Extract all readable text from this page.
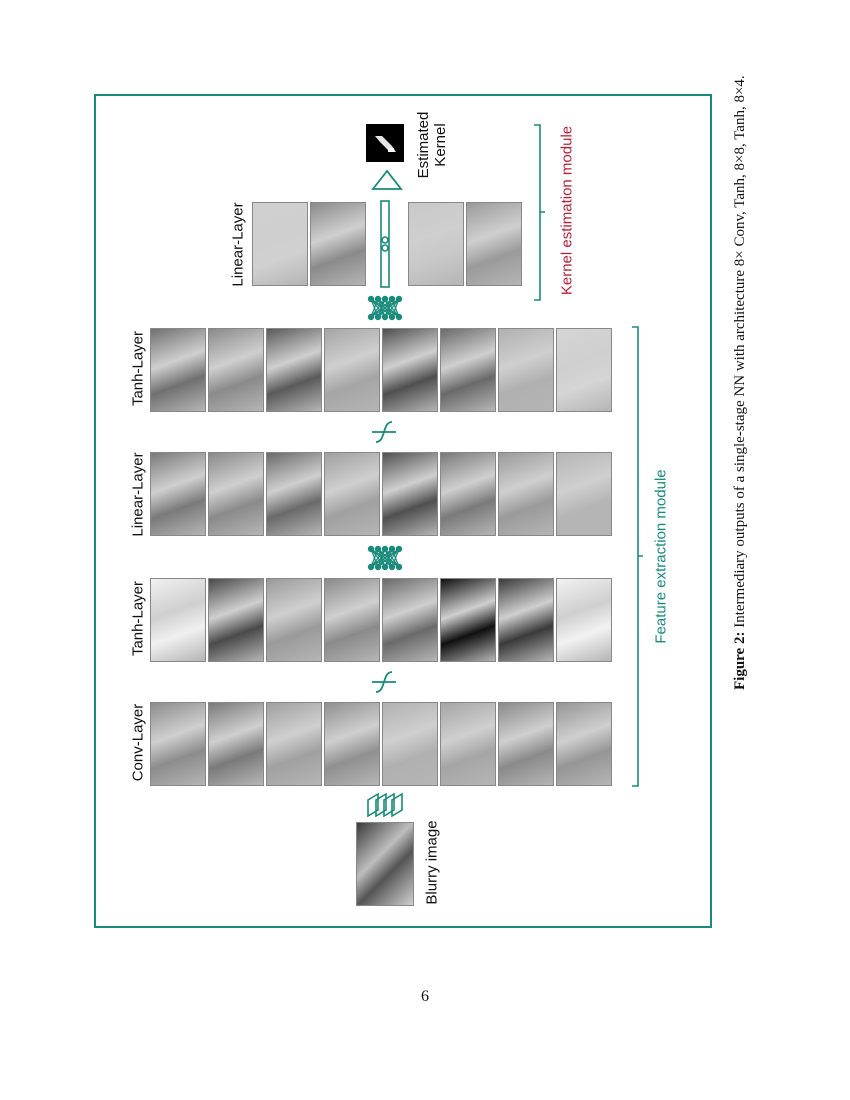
Blurry image
Conv-Layer
Tanh-Layer
Linear-Layer
Tanh-Layer
Linear-Layer
Estimated Kernel
Feature extraction module
Kernel estimation module
Figure 2: Intermediary outputs of a single-stage NN with architecture 8× Conv, Tanh, 8×8, Tanh, 8×4.
6
